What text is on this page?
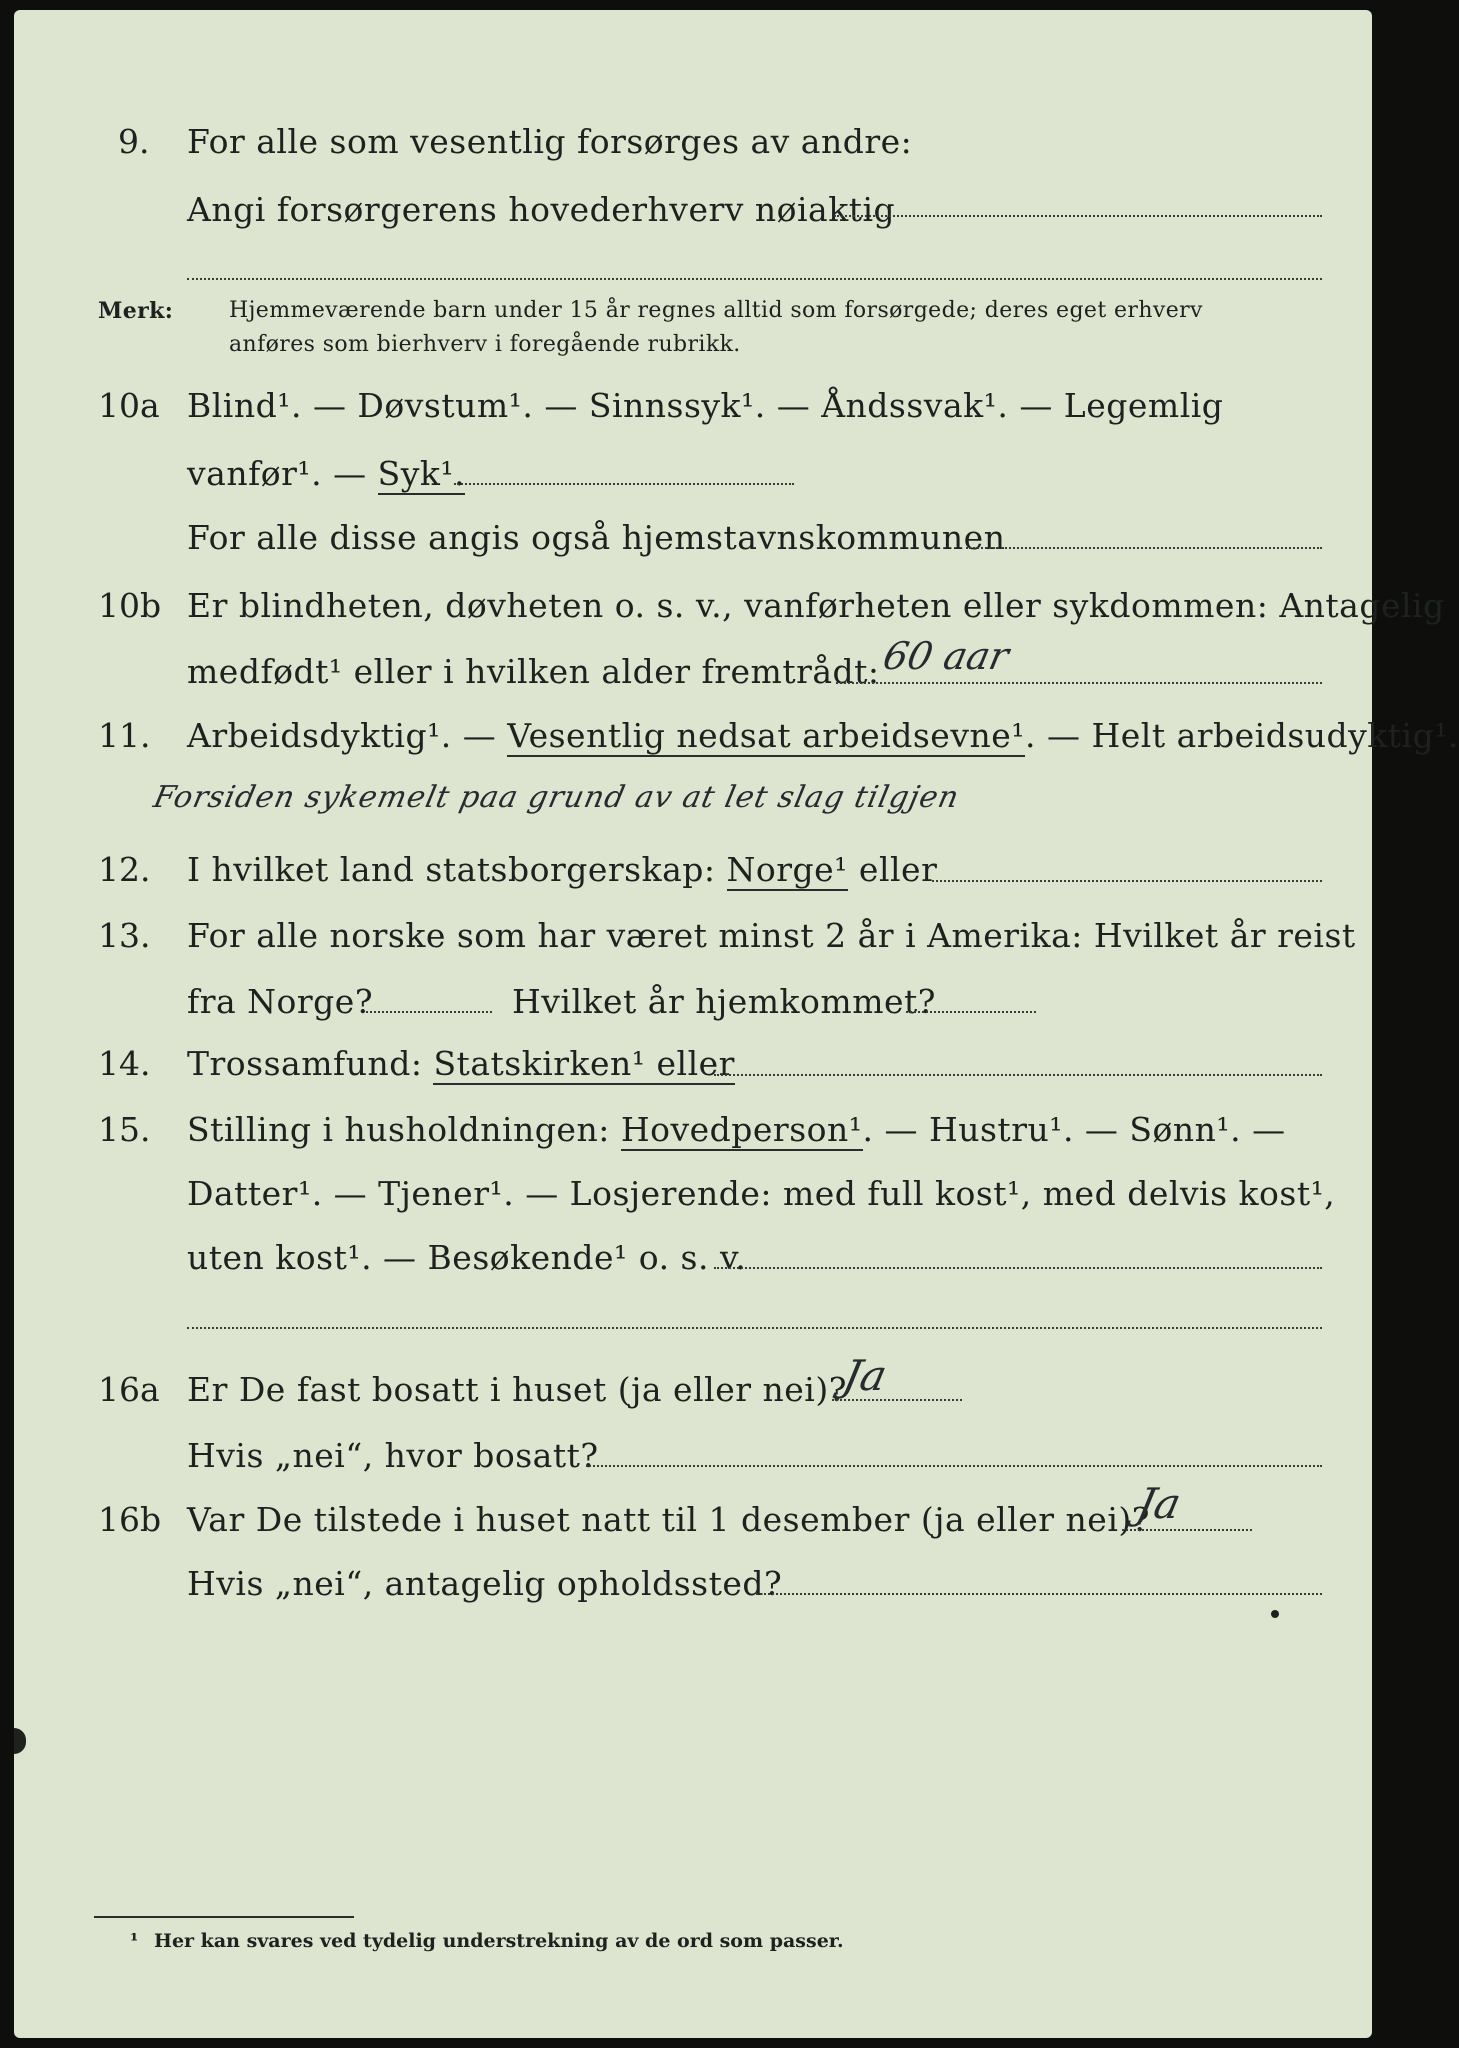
9. For alle som vesentlig forsørges av andre:
Angi forsørgerens hovederhverv nøiaktig
Merk:	Hjemmeværende barn under 15 år regnes alltid som forsørgede; deres eget erhverv
anføres som bierhverv i foregående rubrikk.
10a Blind¹. — Døvstum¹. — Sinnssyk¹. — Åndssvak¹. — Legemlig
vanfør¹. — Syk¹.
For alle disse angis også hjemstavnskommunen
10b Er blindheten, døvheten o. s. v., vanførheten eller sykdommen: Antagelig
medfødt¹ eller i hvilken alder fremtrådt: 60 aar
11. Arbeidsdyktig¹. — Vesentlig nedsat arbeidsevne¹. — Helt arbeidsudyktig¹.
Forsiden sykemelt paa grund av at let slag tilgjen
12. I hvilket land statsborgerskap: Norge¹ eller
13. For alle norske som har været minst 2 år i Amerika: Hvilket år reist
fra Norge?	Hvilket år hjemkommet?
14. Trossamfund: Statskirken¹ eller
15. Stilling i husholdningen: Hovedperson¹. — Hustru¹. — Sønn¹. —
Datter¹. — Tjener¹. — Losjerende: med full kost¹, med delvis kost¹,
uten kost¹. — Besøkende¹ o. s. v.
16a Er De fast bosatt i huset (ja eller nei)?
Ja
Hvis „nei“, hvor bosatt?
16b Var De tilstede i huset natt til 1 desember (ja eller nei)?
Ja
Hvis „nei“, antagelig opholdssted?
¹ Her kan svares ved tydelig understrekning av de ord som passer.
